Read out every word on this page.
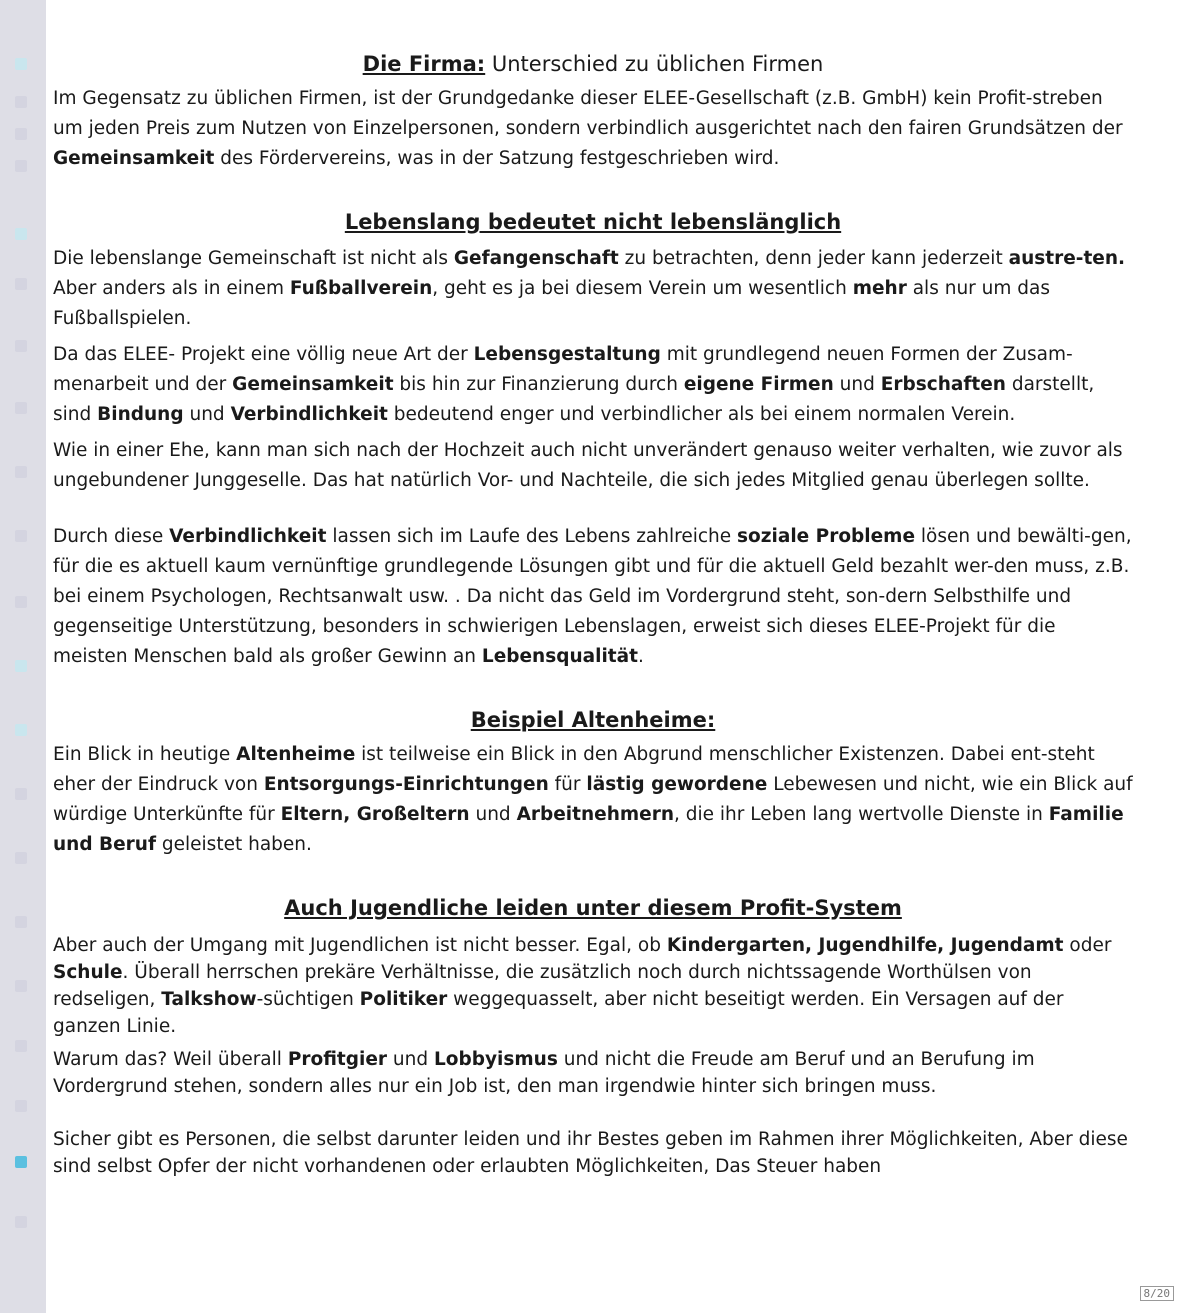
Die Firma: Unterschied zu üblichen Firmen

Im Gegensatz zu üblichen Firmen, ist der Grundgedanke dieser ELEE-Gesellschaft (z.B. GmbH) kein Profit-streben um jeden Preis zum Nutzen von Einzelpersonen, sondern verbindlich ausgerichtet nach den fairen Grundsätzen der Gemeinsamkeit des Fördervereins, was in der Satzung festgeschrieben wird.

Lebenslang bedeutet nicht lebenslänglich

Die lebenslange Gemeinschaft ist nicht als Gefangenschaft zu betrachten, denn jeder kann jederzeit austre-ten. Aber anders als in einem Fußballverein, geht es ja bei diesem Verein um wesentlich mehr als nur um das Fußballspielen.

Da das ELEE- Projekt eine völlig neue Art der Lebensgestaltung mit grundlegend neuen Formen der Zusam-menarbeit und der Gemeinsamkeit bis hin zur Finanzierung durch eigene Firmen und Erbschaften darstellt, sind Bindung und Verbindlichkeit bedeutend enger und verbindlicher als bei einem normalen Verein.

Wie in einer Ehe, kann man sich nach der Hochzeit auch nicht unverändert genauso weiter verhalten, wie zuvor als ungebundener Junggeselle. Das hat natürlich Vor- und Nachteile, die sich jedes Mitglied genau überlegen sollte.

Durch diese Verbindlichkeit lassen sich im Laufe des Lebens zahlreiche soziale Probleme lösen und bewälti-gen, für die es aktuell kaum vernünftige grundlegende Lösungen gibt und für die aktuell Geld bezahlt wer-den muss, z.B. bei einem Psychologen, Rechtsanwalt usw. . Da nicht das Geld im Vordergrund steht, son-dern Selbsthilfe und gegenseitige Unterstützung, besonders in schwierigen Lebenslagen, erweist sich dieses ELEE-Projekt für die meisten Menschen bald als großer Gewinn an Lebensqualität.

Beispiel Altenheime:

Ein Blick in heutige Altenheime ist teilweise ein Blick in den Abgrund menschlicher Existenzen. Dabei ent-steht eher der Eindruck von Entsorgungs-Einrichtungen für lästig gewordene Lebewesen und nicht, wie ein Blick auf würdige Unterkünfte für Eltern, Großeltern und Arbeitnehmern, die ihr Leben lang wertvolle Dienste in Familie und Beruf geleistet haben.

Auch Jugendliche leiden unter diesem Profit-System

Aber auch der Umgang mit Jugendlichen ist nicht besser. Egal, ob Kindergarten, Jugendhilfe, Jugendamt oder Schule. Überall herrschen prekäre Verhältnisse, die zusätzlich noch durch nichtssagende Worthülsen von redseligen, Talkshow-süchtigen Politiker weggequasselt, aber nicht beseitigt werden. Ein Versagen auf der ganzen Linie.

Warum das? Weil überall Profitgier und Lobbyismus und nicht die Freude am Beruf und an Berufung im Vordergrund stehen, sondern alles nur ein Job ist, den man irgendwie hinter sich bringen muss.

Sicher gibt es Personen, die selbst darunter leiden und ihr Bestes geben im Rahmen ihrer Möglichkeiten, Aber diese sind selbst Opfer der nicht vorhandenen oder erlaubten Möglichkeiten, Das Steuer haben

8/20
